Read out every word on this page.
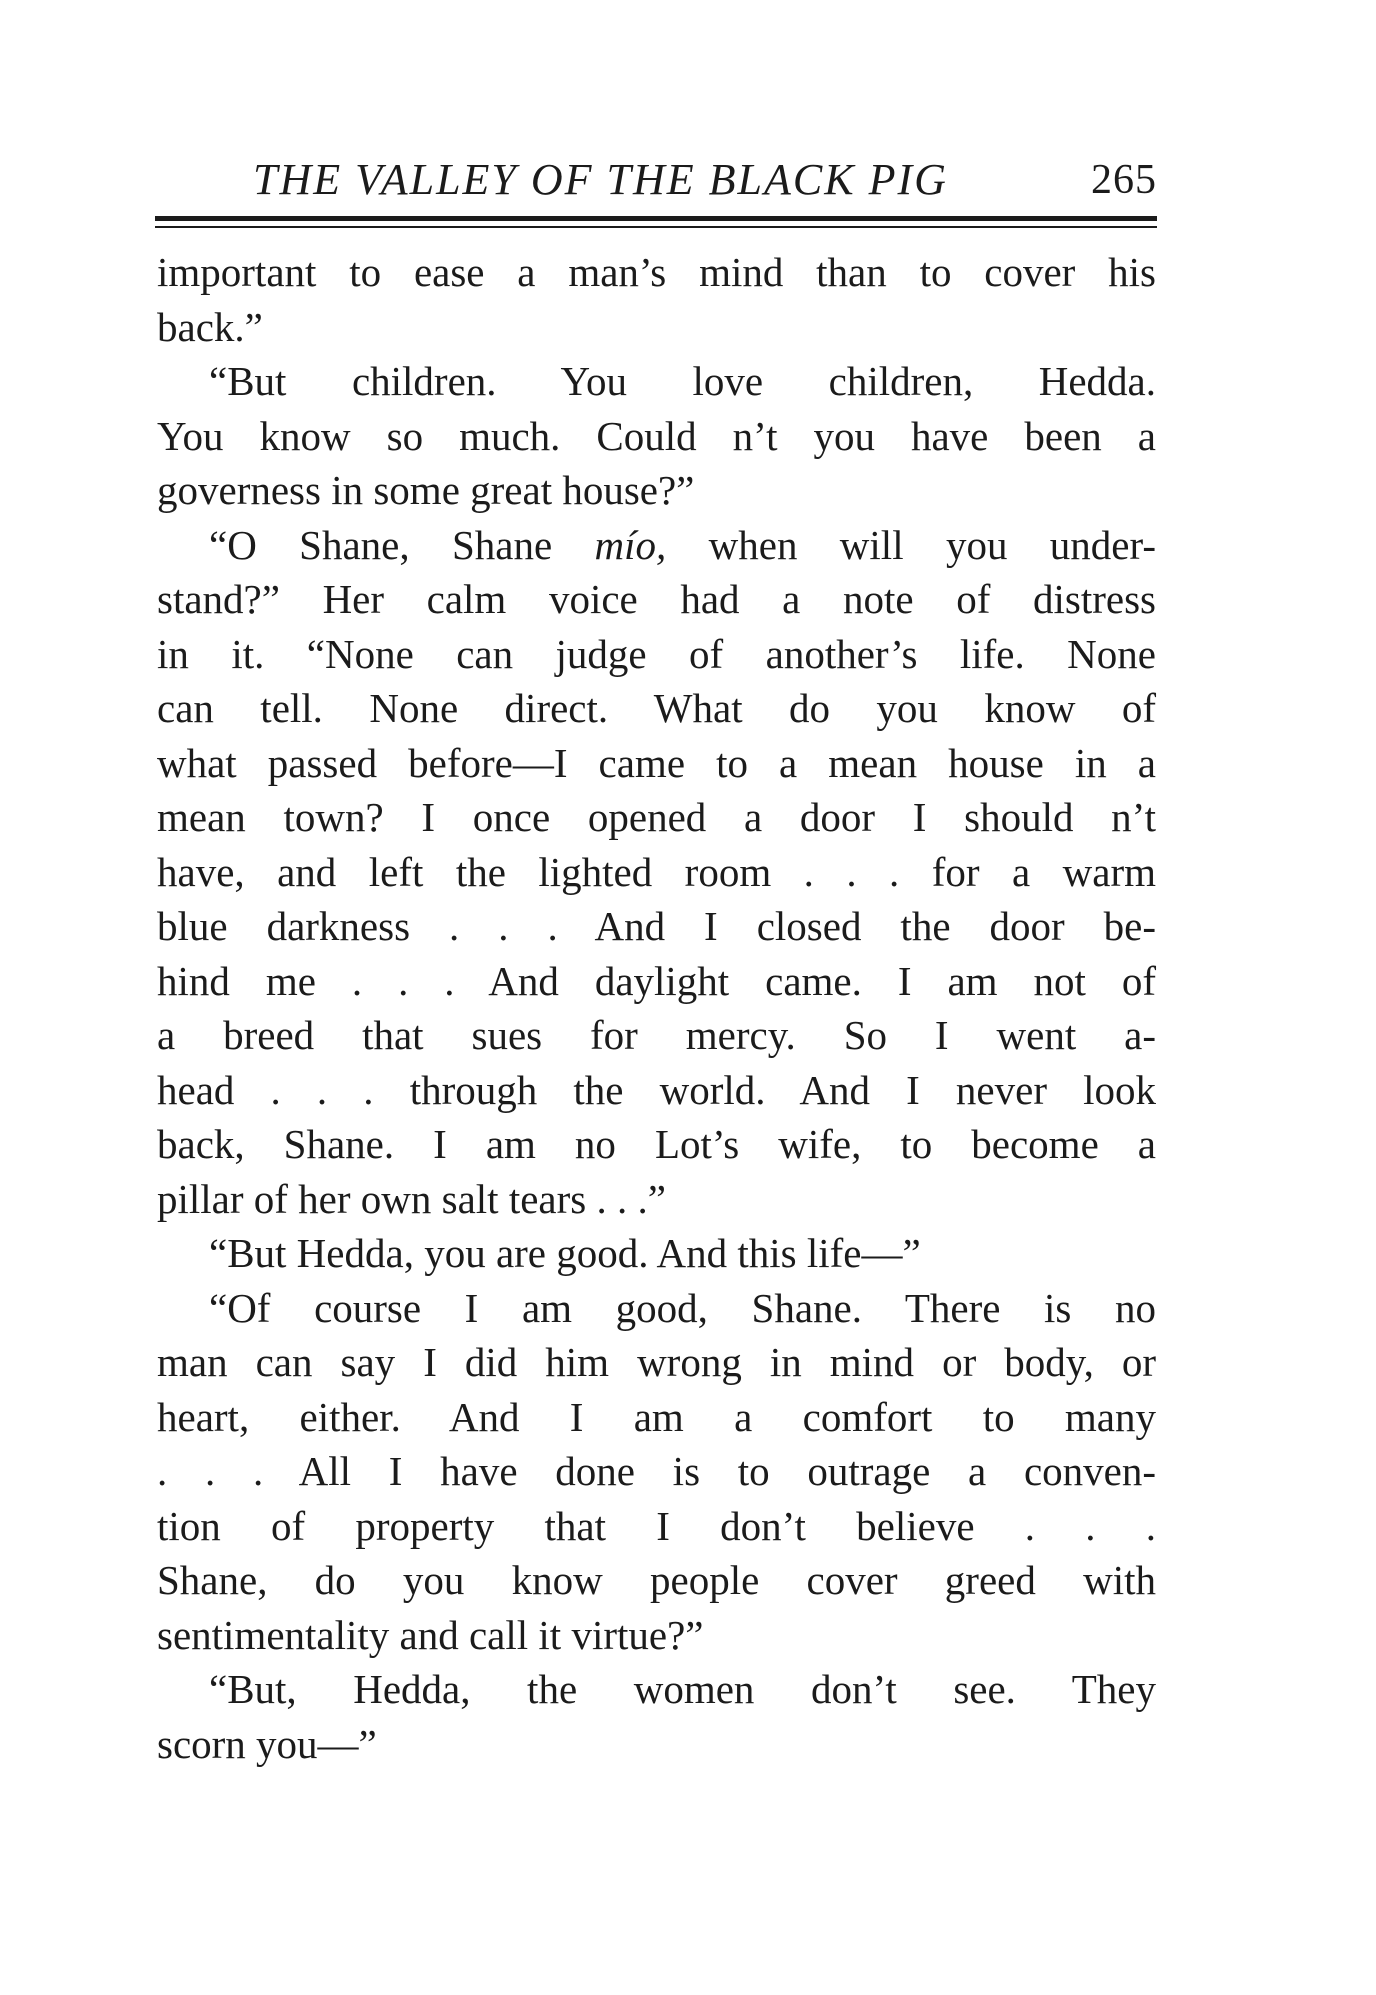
THE VALLEY OF THE BLACK PIG	265
important to ease a man’s mind than to cover his
back.”
“But children. You love children, Hedda.
You know so much. Could n’t you have been a
governess in some great house?”
“O Shane, Shane mío, when will you under-
stand?” Her calm voice had a note of distress
in it. “None can judge of another’s life. None
can tell. None direct. What do you know of
what passed before—I came to a mean house in a
mean town? I once opened a door I should n’t
have, and left the lighted room . . . for a warm
blue darkness . . . And I closed the door be-
hind me . . . And daylight came. I am not of
a breed that sues for mercy. So I went a-
head . . . through the world. And I never look
back, Shane. I am no Lot’s wife, to become a
pillar of her own salt tears . . .”
“But Hedda, you are good. And this life—”
“Of course I am good, Shane. There is no
man can say I did him wrong in mind or body, or
heart, either. And I am a comfort to many
. . . All I have done is to outrage a conven-
tion of property that I don’t believe . . .
Shane, do you know people cover greed with
sentimentality and call it virtue?”
“But, Hedda, the women don’t see. They
scorn you—”
